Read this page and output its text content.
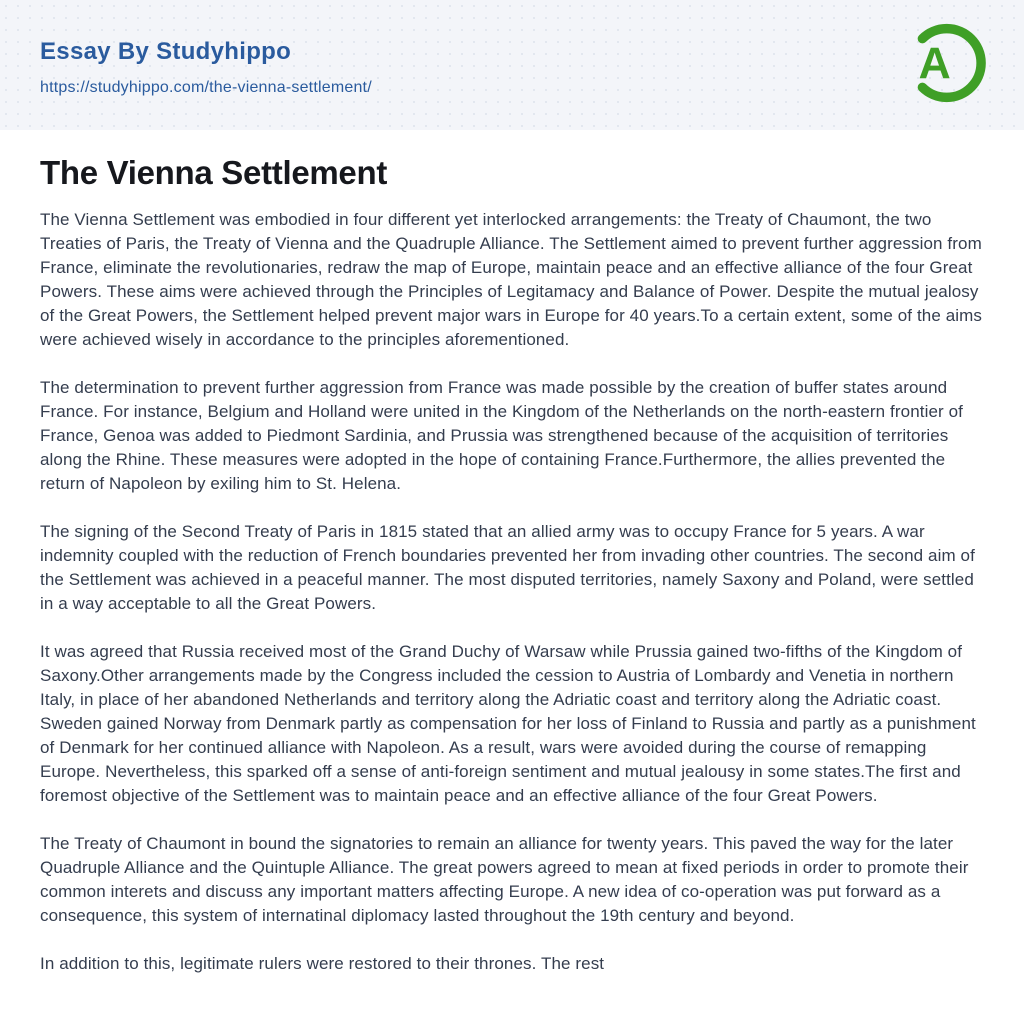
Essay By Studyhippo
https://studyhippo.com/the-vienna-settlement/	A
The Vienna Settlement

The Vienna Settlement was embodied in four different yet interlocked arrangements: the Treaty of Chaumont, the two Treaties of Paris, the Treaty of Vienna and the Quadruple Alliance. The Settlement aimed to prevent further aggression from France, eliminate the revolutionaries, redraw the map of Europe, maintain peace and an effective alliance of the four Great Powers. These aims were achieved through the Principles of Legitamacy and Balance of Power. Despite the mutual jealosy of the Great Powers, the Settlement helped prevent major wars in Europe for 40 years.To a certain extent, some of the aims were achieved wisely in accordance to the principles aforementioned.

The determination to prevent further aggression from France was made possible by the creation of buffer states around France. For instance, Belgium and Holland were united in the Kingdom of the Netherlands on the north-eastern frontier of France, Genoa was added to Piedmont Sardinia, and Prussia was strengthened because of the acquisition of territories along the Rhine. These measures were adopted in the hope of containing France.Furthermore, the allies prevented the return of Napoleon by exiling him to St. Helena.

The signing of the Second Treaty of Paris in 1815 stated that an allied army was to occupy France for 5 years. A war indemnity coupled with the reduction of French boundaries prevented her from invading other countries. The second aim of the Settlement was achieved in a peaceful manner. The most disputed territories, namely Saxony and Poland, were settled in a way acceptable to all the Great Powers.

It was agreed that Russia received most of the Grand Duchy of Warsaw while Prussia gained two-fifths of the Kingdom of Saxony.Other arrangements made by the Congress included the cession to Austria of Lombardy and Venetia in northern Italy, in place of her abandoned Netherlands and territory along the Adriatic coast and territory along the Adriatic coast. Sweden gained Norway from Denmark partly as compensation for her loss of Finland to Russia and partly as a punishment of Denmark for her continued alliance with Napoleon. As a result, wars were avoided during the course of remapping Europe. Nevertheless, this sparked off a sense of anti-foreign sentiment and mutual jealousy in some states.The first and foremost objective of the Settlement was to maintain peace and an effective alliance of the four Great Powers.

The Treaty of Chaumont in bound the signatories to remain an alliance for twenty years. This paved the way for the later Quadruple Alliance and the Quintuple Alliance. The great powers agreed to mean at fixed periods in order to promote their common interets and discuss any important matters affecting Europe. A new idea of co-operation was put forward as a consequence, this system of internatinal diplomacy lasted throughout the 19th century and beyond.

In addition to this, legitimate rulers were restored to their thrones. The rest
